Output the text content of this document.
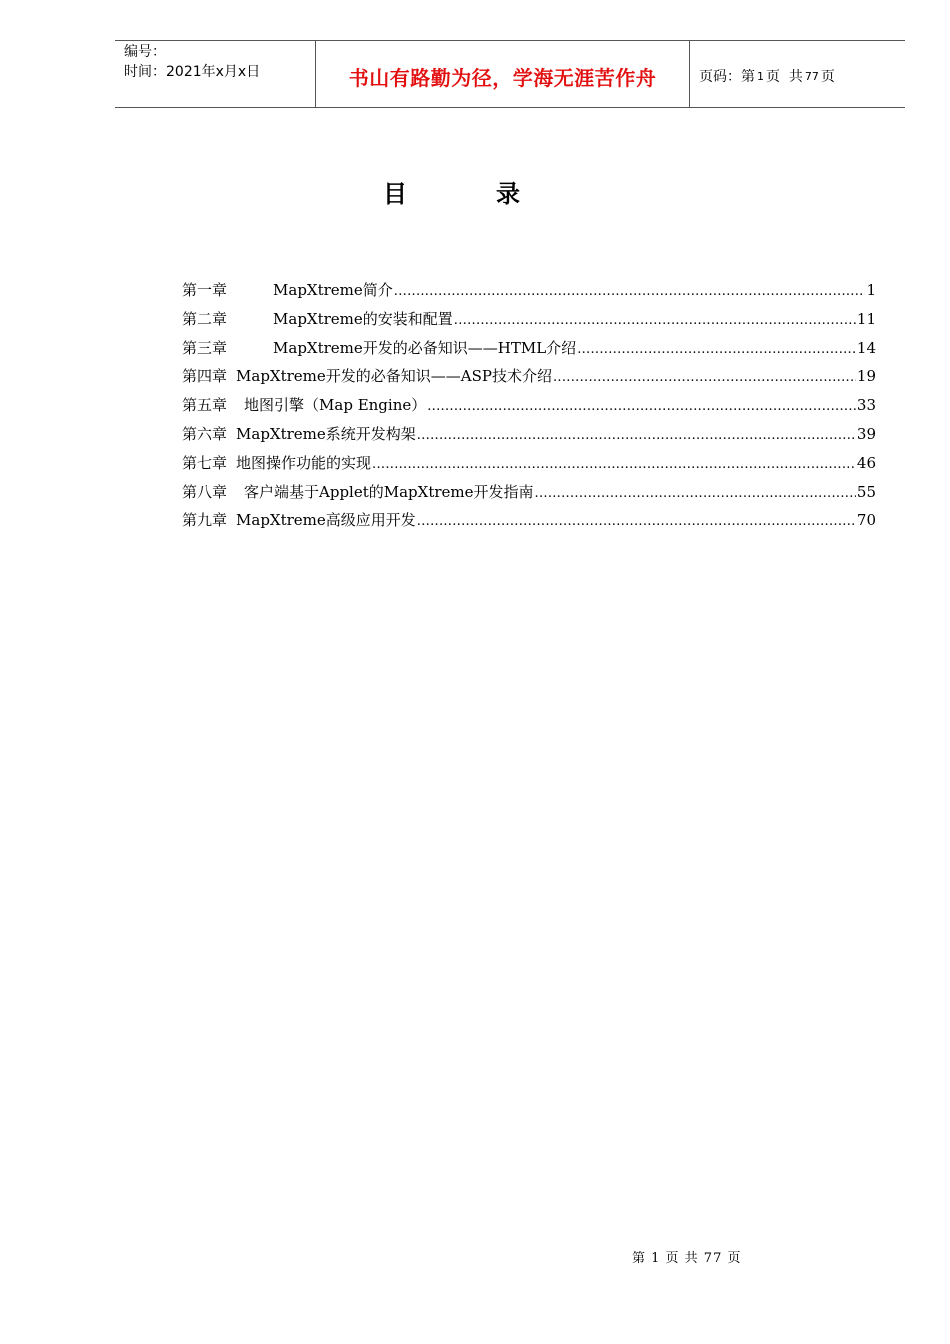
编号：
时间：2021年x月x日	书山有路勤为径，学海无涯苦作舟	页码：第 1 页  共 77 页
目	录
第一章	MapXtreme简介 .....	1
第二章	MapXtreme的安装和配置 .....	11
第三章	MapXtreme开发的必备知识——HTML介绍 .....	14
第四章 MapXtreme开发的必备知识——ASP技术介绍 .....	19
第五章 地图引擎（Map Engine） .....	33
第六章 MapXtreme系统开发构架 .....	39
第七章 地图操作功能的实现 .....	46
第八章 客户端基于Applet的MapXtreme开发指南 .....	55
第九章 MapXtreme高级应用开发 .....	70
第 1 页 共 77 页
